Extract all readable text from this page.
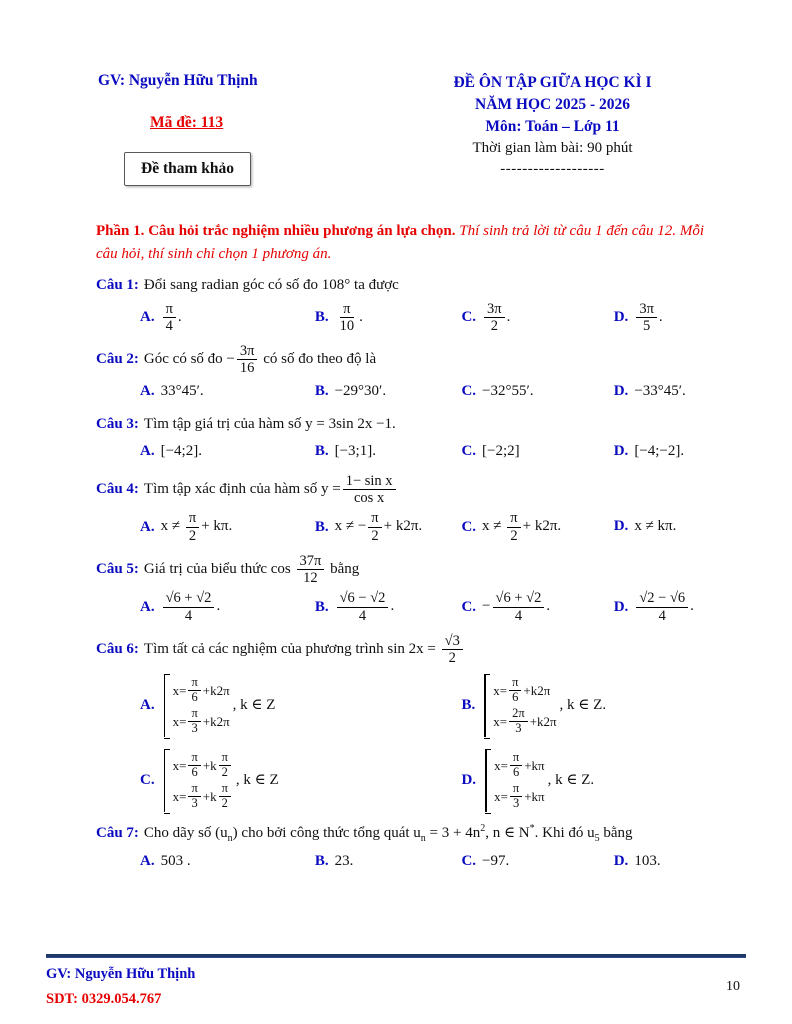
GV: Nguyễn Hữu Thịnh
Mã đề: 113
Đề tham khảo
ĐỀ ÔN TẬP GIỮA HỌC KÌ I
NĂM HỌC 2025 - 2026
Môn: Toán – Lớp 11
Thời gian làm bài: 90 phút
-------------------

Phần 1. Câu hỏi trắc nghiệm nhiều phương án lựa chọn. Thí sinh trả lời từ câu 1 đến câu 12. Mỗi câu hỏi, thí sinh chỉ chọn 1 phương án.

Câu 1: Đổi sang radian góc có số đo 108° ta được

A. $\frac{\pi}{4}$ .	B. $\frac{\pi}{10}$ .	C. $\frac{3\pi}{2}$ .	D. $\frac{3\pi}{5}$ .

Câu 2: Góc có số đo − $\frac{3\pi}{16}$ có số đo theo độ là

A. 33°45′.	B. −29°30′.	C. −32°55′.	D. −33°45′.

Câu 3: Tìm tập giá trị của hàm số y = 3sin 2x −1.

A. [−4;2].	B. [−3;1].	C. [−2;2]	D. [−4;−2].

Câu 4: Tìm tập xác định của hàm số $y = \frac{\text{1− sin x}}{\text{cos x}}$

A. $x \ne \frac{\pi}{2} + k\pi$.	B. x ≠ − $\frac{\pi}{2} + k2\pi$.	C. $x \ne \frac{\pi}{2} + k2\pi$.	D. x ≠ kπ.

Câu 5: Giá trị của biểu thức $\cos \frac{37\pi}{12}$ bằng

A. $\frac{√6 + √2}{4}$ .	B. $\frac{√6 - √2}{4}$ .	C. − $\frac{√6 + √2}{4}$ .	D. $\frac{√2 - √6}{4}$ .

Câu 6: Tìm tất cả các nghiệm của phương trình $\sin 2x = \frac{√3}{2}$

A.
$x= \frac{\pi}{6} +k2\pi$
$x= \frac{\pi}{3} +k2\pi$
, k ∈ Z	B.
$x= \frac{\pi}{6} +k2\pi$
$x= \frac{2\pi}{3} +k2\pi$
, k ∈ Z.
C.
$x= \frac{\pi}{6} +k \frac{\pi}{2}$
$x= \frac{\pi}{3} +k \frac{\pi}{2}$
, k ∈ Z	D.
$x= \frac{\pi}{6} +k\pi$
$x= \frac{\pi}{3} +k\pi$
, k ∈ Z.

Câu 7: Cho dãy số $(u_n)$ cho bởi công thức tổng quát $u_n = 3 + 4n^2$, n ∈ N*. Khi đó $u_5$ bằng

A. 503 .	B. 23.	C. −97.	D. 103.
GV: Nguyễn Hữu Thịnh
SDT: 0329.054.767
10
